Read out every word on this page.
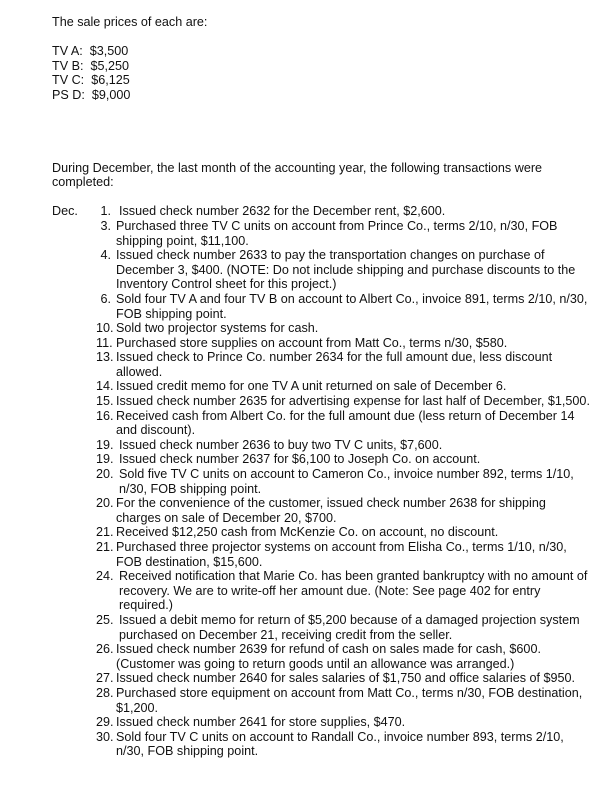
The sale prices of each are:

TV A: $3,500
TV B: $5,250
TV C: $6,125
PS D: $9,000

During December, the last month of the accounting year, the following transactions were completed:

Dec.	1. Issued check number 2632 for the December rent, $2,600.
3. Purchased three TV C units on account from Prince Co., terms 2/10, n/30, FOB shipping point, $11,100.
4. Issued check number 2633 to pay the transportation changes on purchase of December 3, $400. (NOTE: Do not include shipping and purchase discounts to the Inventory Control sheet for this project.)
6. Sold four TV A and four TV B on account to Albert Co., invoice 891, terms 2/10, n/30, FOB shipping point.
10. Sold two projector systems for cash.
11. Purchased store supplies on account from Matt Co., terms n/30, $580.
13. Issued check to Prince Co. number 2634 for the full amount due, less discount allowed.
14. Issued credit memo for one TV A unit returned on sale of December 6.
15. Issued check number 2635 for advertising expense for last half of December, $1,500.
16. Received cash from Albert Co. for the full amount due (less return of December 14 and discount).
19. Issued check number 2636 to buy two TV C units, $7,600.
19. Issued check number 2637 for $6,100 to Joseph Co. on account.
20. Sold five TV C units on account to Cameron Co., invoice number 892, terms 1/10, n/30, FOB shipping point.
20. For the convenience of the customer, issued check number 2638 for shipping charges on sale of December 20, $700.
21. Received $12,250 cash from McKenzie Co. on account, no discount.
21. Purchased three projector systems on account from Elisha Co., terms 1/10, n/30, FOB destination, $15,600.
24. Received notification that Marie Co. has been granted bankruptcy with no amount of recovery. We are to write-off her amount due. (Note: See page 402 for entry required.)
25. Issued a debit memo for return of $5,200 because of a damaged projection system purchased on December 21, receiving credit from the seller.
26. Issued check number 2639 for refund of cash on sales made for cash, $600. (Customer was going to return goods until an allowance was arranged.)
27. Issued check number 2640 for sales salaries of $1,750 and office salaries of $950.
28. Purchased store equipment on account from Matt Co., terms n/30, FOB destination, $1,200.
29. Issued check number 2641 for store supplies, $470.
30. Sold four TV C units on account to Randall Co., invoice number 893, terms 2/10, n/30, FOB shipping point.
